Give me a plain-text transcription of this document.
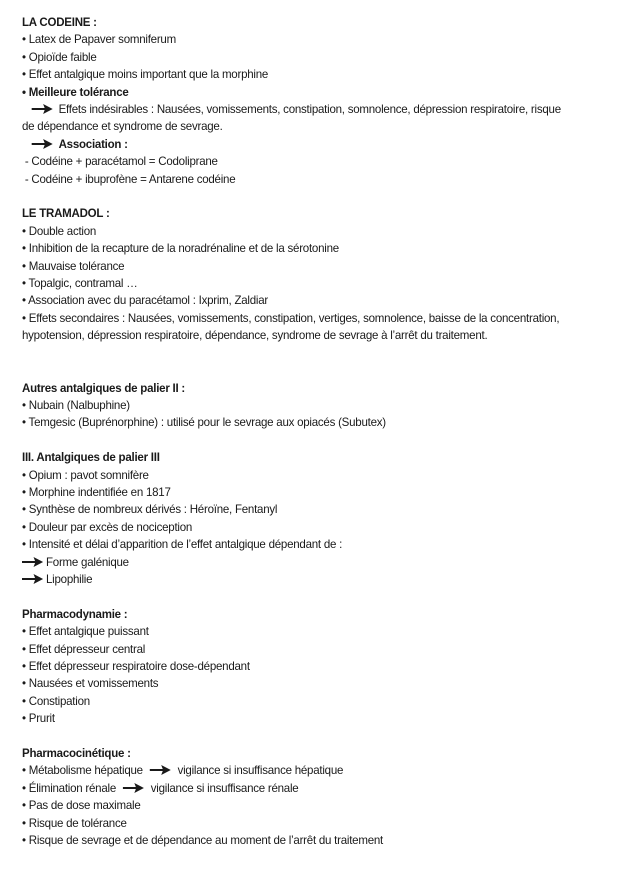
LA CODEINE :
• Latex de Papaver somniferum
• Opioïde faible
• Effet antalgique moins important que la morphine
• Meilleure tolérance
Effets indésirables : Nausées, vomissements, constipation, somnolence, dépression respiratoire, risque
de dépendance et syndrome de sevrage.
Association :
- Codéine + paracétamol = Codoliprane
- Codéine + ibuprofène = Antarene codéine
LE TRAMADOL :
• Double action
• Inhibition de la recapture de la noradrénaline et de la sérotonine
• Mauvaise tolérance
• Topalgic, contramal …
• Association avec du paracétamol : Ixprim, Zaldiar
• Effets secondaires : Nausées, vomissements, constipation, vertiges, somnolence, baisse de la concentration,
hypotension, dépression respiratoire, dépendance, syndrome de sevrage à l’arrêt du traitement.
Autres antalgiques de palier II :
• Nubain (Nalbuphine)
• Temgesic (Buprénorphine) : utilisé pour le sevrage aux opiacés (Subutex)
III. Antalgiques de palier III
• Opium : pavot somnifère
• Morphine indentifiée en 1817
• Synthèse de nombreux dérivés : Héroïne, Fentanyl
• Douleur par excès de nociception
• Intensité et délai d’apparition de l’effet antalgique dépendant de :
Forme galénique
Lipophilie
Pharmacodynamie :
• Effet antalgique puissant
• Effet dépresseur central
• Effet dépresseur respiratoire dose-dépendant
• Nausées et vomissements
• Constipation
• Prurit
Pharmacocinétique :
• Métabolisme hépatique	vigilance si insuffisance hépatique
• Élimination rénale	vigilance si insuffisance rénale
• Pas de dose maximale
• Risque de tolérance
• Risque de sevrage et de dépendance au moment de l’arrêt du traitement
